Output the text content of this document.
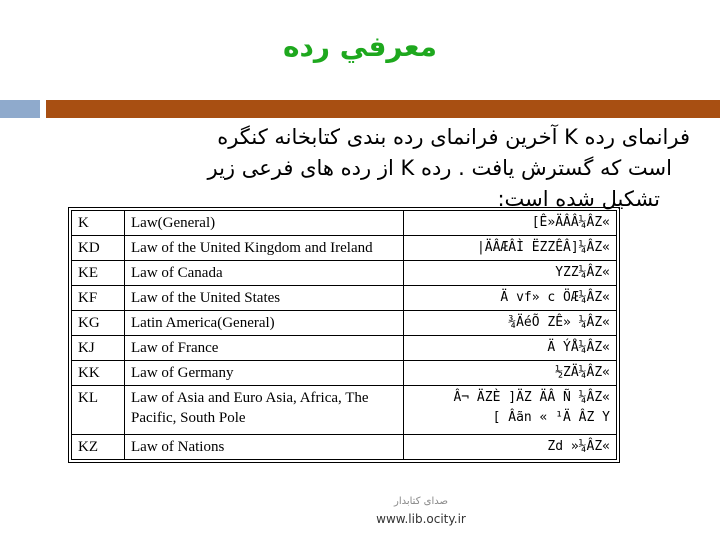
معرفي رده
فرانمای رده K آخرین فرانمای رده بندی کتابخانه کنگره
است که گسترش یافت . رده K از رده های فرعی زیر
تشکیل شده است:
K	Law(General)	[Ê»ÄÂÂ¼ÂZ«
KD	Law of the United Kingdom and Ireland	|ÄÂÆÂÌ ËZZÊÂ]¼ÂZ«
KE	Law of Canada	YZZ¼ÂZ«
KF	Law of the United States	Ä vf» c ÖÆ¼ÂZ«
KG	Latin America(General)	¾ÄéÕ ZÊ» ¼ÂZ«
KJ	Law of France	Ä ÝÅ¼ÂZ«
KK	Law of Germany	½ZÄ¼ÂZ«
KL	Law of Asia and Euro Asia, Africa, The Pacific, South Pole	Â¬ ÄZÈ ]ÄZ ÄÂ Ñ ¼ÂZ«
[ Âãn « ¹Ä ÂZ Y
KZ	Law of Nations	Zd »¼ÂZ«
صدای کتابدار
www.lib.ocity.ir
